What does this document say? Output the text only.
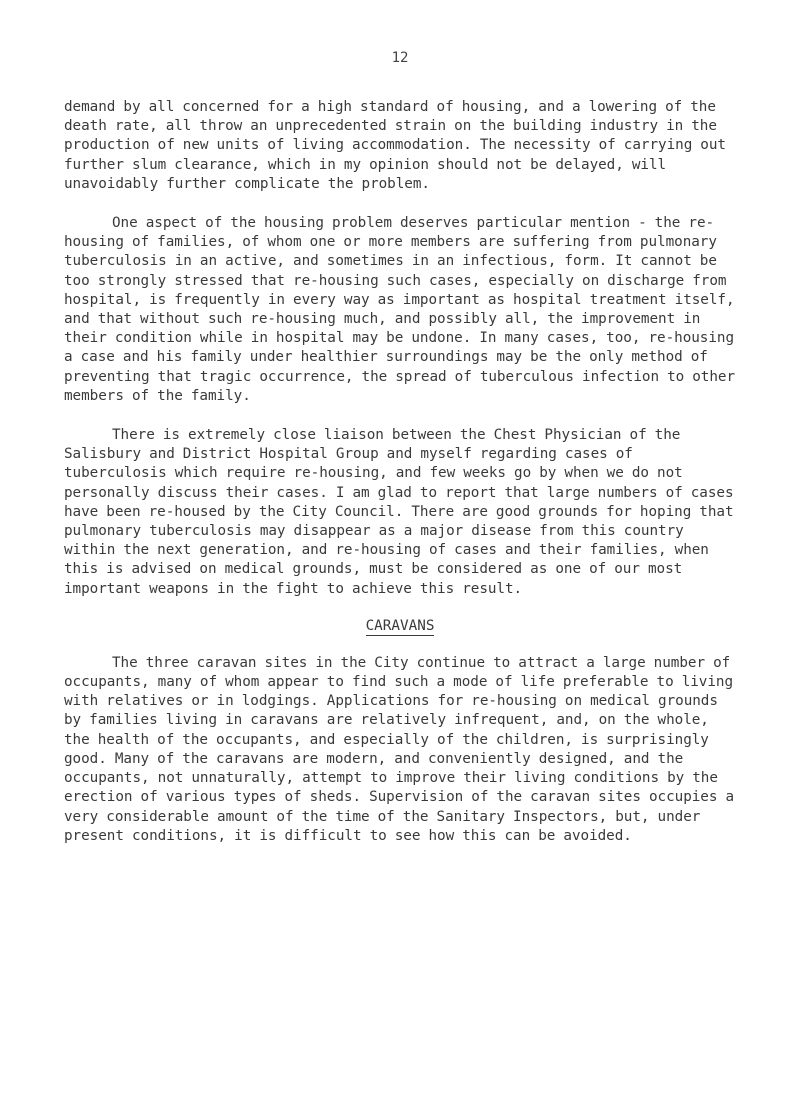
12

demand by all concerned for a high standard of housing, and a lowering of the death rate, all throw an unprecedented strain on the building industry in the production of new units of living accommodation. The necessity of carrying out further slum clearance, which in my opinion should not be delayed, will unavoidably further complicate the problem.

One aspect of the housing problem deserves particular mention - the re-housing of families, of whom one or more members are suffering from pulmonary tuberculosis in an active, and sometimes in an infectious, form. It cannot be too strongly stressed that re-housing such cases, especially on discharge from hospital, is frequently in every way as important as hospital treatment itself, and that without such re-housing much, and possibly all, the improvement in their condition while in hospital may be undone. In many cases, too, re-housing a case and his family under healthier surroundings may be the only method of preventing that tragic occurrence, the spread of tuberculous infection to other members of the family.

There is extremely close liaison between the Chest Physician of the Salisbury and District Hospital Group and myself regarding cases of tuberculosis which require re-housing, and few weeks go by when we do not personally discuss their cases. I am glad to report that large numbers of cases have been re-housed by the City Council. There are good grounds for hoping that pulmonary tuberculosis may disappear as a major disease from this country within the next generation, and re-housing of cases and their families, when this is advised on medical grounds, must be considered as one of our most important weapons in the fight to achieve this result.

CARAVANS

The three caravan sites in the City continue to attract a large number of occupants, many of whom appear to find such a mode of life preferable to living with relatives or in lodgings. Applications for re-housing on medical grounds by families living in caravans are relatively infrequent, and, on the whole, the health of the occupants, and especially of the children, is surprisingly good. Many of the caravans are modern, and conveniently designed, and the occupants, not unnaturally, attempt to improve their living conditions by the erection of various types of sheds. Supervision of the caravan sites occupies a very considerable amount of the time of the Sanitary Inspectors, but, under present conditions, it is difficult to see how this can be avoided.
